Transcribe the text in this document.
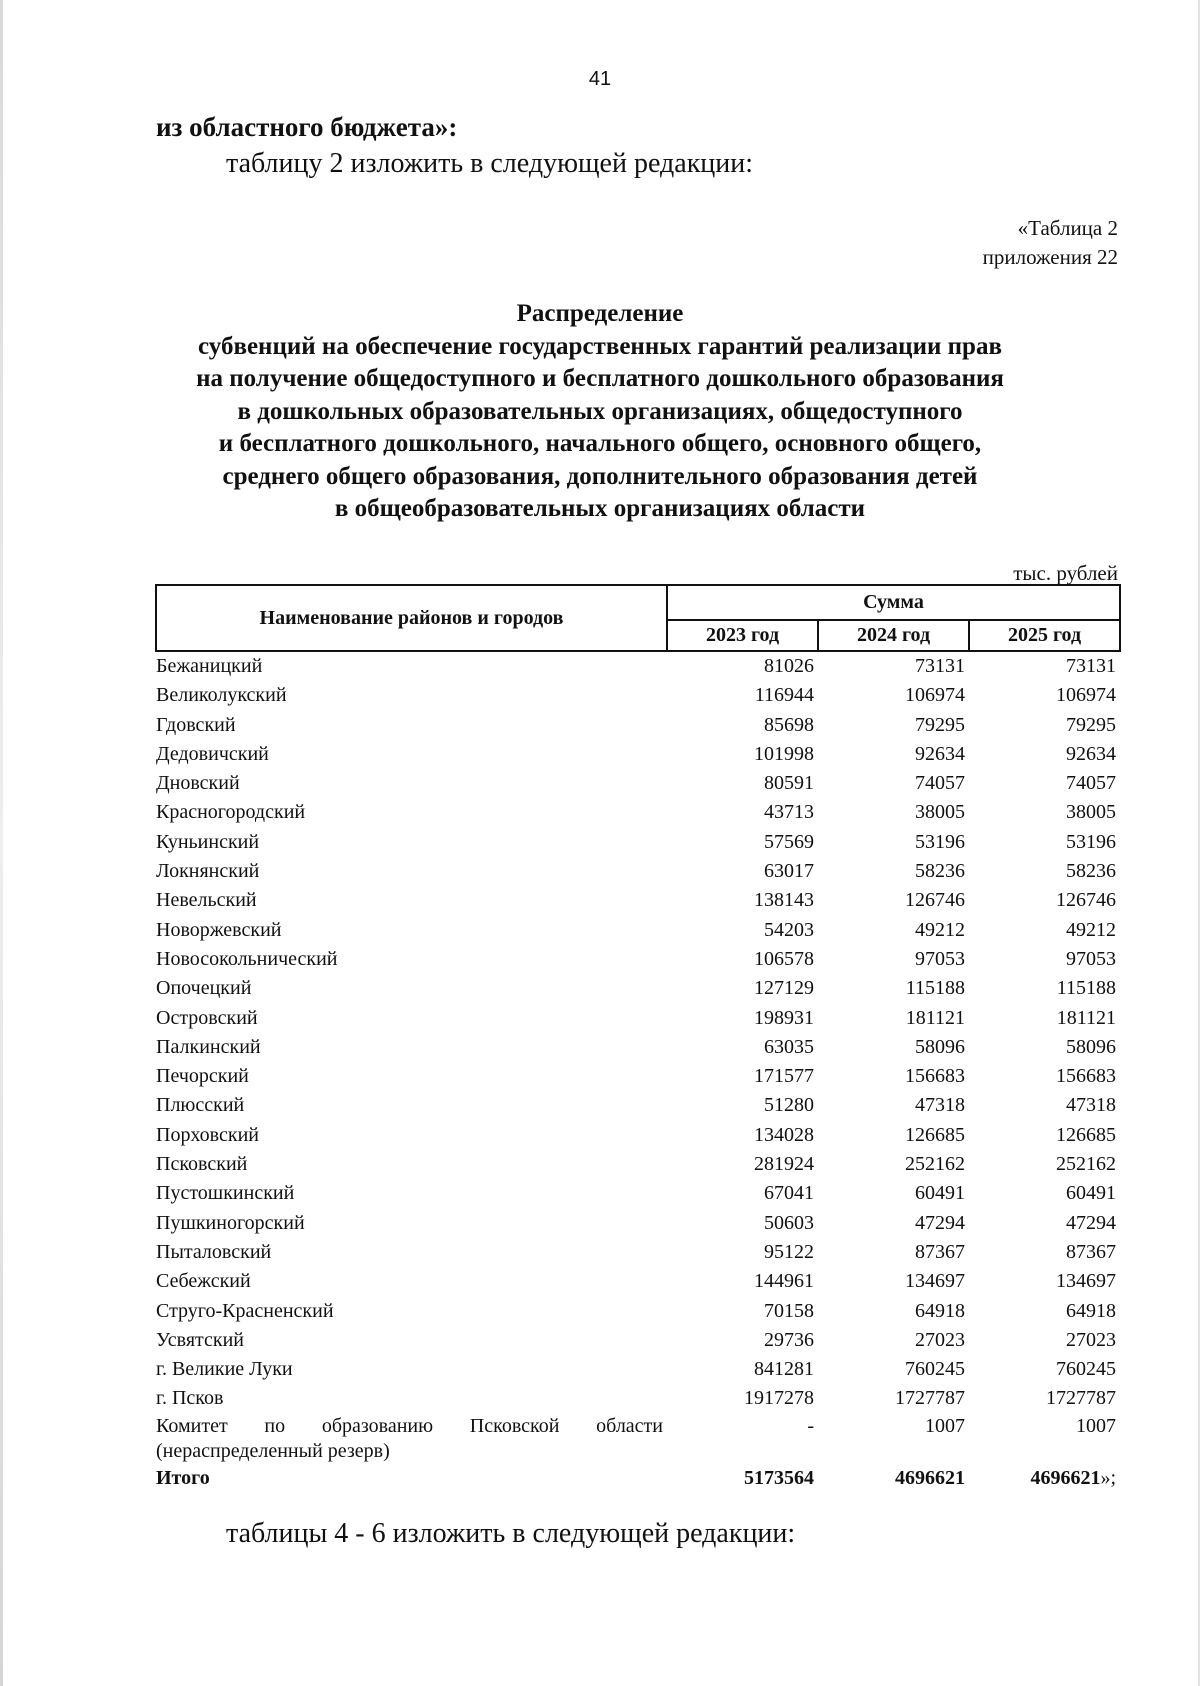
41
из областного бюджета»:
таблицу 2 изложить в следующей редакции:
«Таблица 2
приложения 22
Распределение
субвенций на обеспечение государственных гарантий реализации прав
на получение общедоступного и бесплатного дошкольного образования
в дошкольных образовательных организациях, общедоступного
и бесплатного дошкольного, начального общего, основного общего,
среднего общего образования, дополнительного образования детей
в общеобразовательных организациях области
тыс. рублей
Наименование районов и городов	Сумма		
	2023 год	2024 год	2025 год
Бежаницкий	81026	73131	73131
Великолукский	116944	106974	106974
Гдовский	85698	79295	79295
Дедовичский	101998	92634	92634
Дновский	80591	74057	74057
Красногородский	43713	38005	38005
Куньинский	57569	53196	53196
Локнянский	63017	58236	58236
Невельский	138143	126746	126746
Новоржевский	54203	49212	49212
Новосокольнический	106578	97053	97053
Опочецкий	127129	115188	115188
Островский	198931	181121	181121
Палкинский	63035	58096	58096
Печорский	171577	156683	156683
Плюсский	51280	47318	47318
Порховский	134028	126685	126685
Псковский	281924	252162	252162
Пустошкинский	67041	60491	60491
Пушкиногорский	50603	47294	47294
Пыталовский	95122	87367	87367
Себежский	144961	134697	134697
Струго-Красненский	70158	64918	64918
Усвятский	29736	27023	27023
г. Великие Луки	841281	760245	760245
г. Псков	1917278	1727787	1727787
Комитет по образованию Псковской области (нераспределенный резерв)	-	1007	1007
Итого	5173564	4696621	4696621»;
таблицы 4 - 6 изложить в следующей редакции:
